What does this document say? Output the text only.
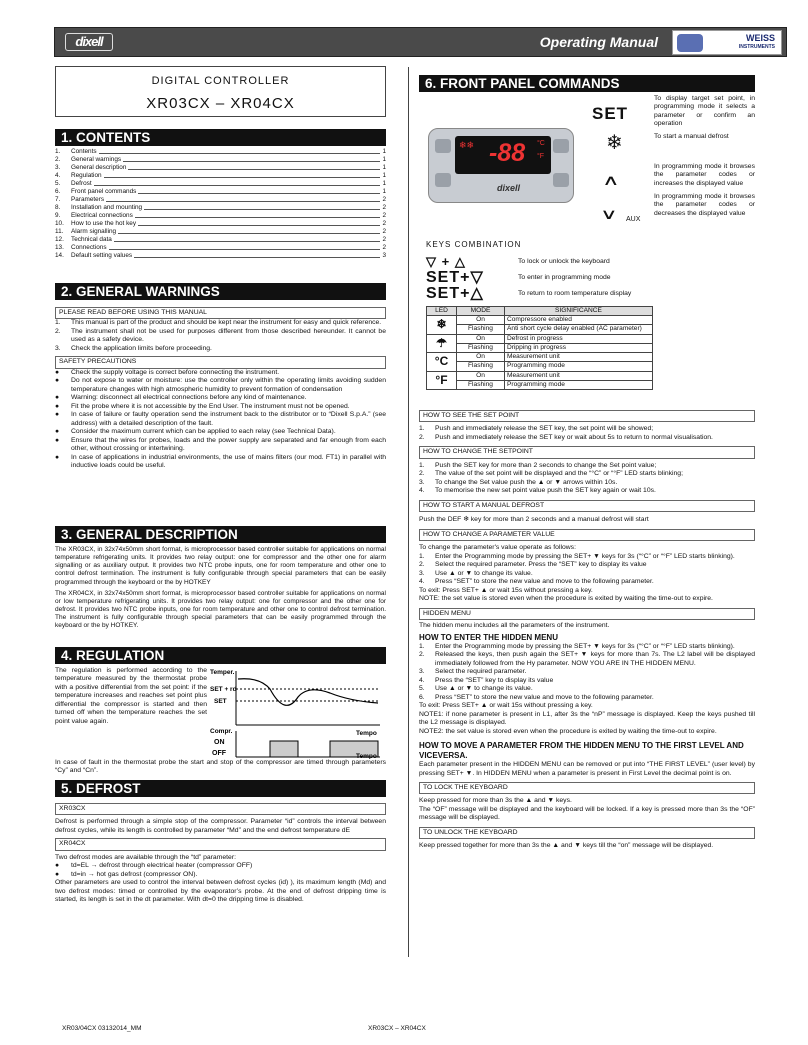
dixell	Operating Manual	WEISS
INSTRUMENTS
DIGITAL CONTROLLER
XR03CX – XR04CX
1. CONTENTS
1.	Contents	1
2.	General warnings	1
3.	General description	1
4.	Regulation	1
5.	Defrost	1
6.	Front panel commands	1
7.	Parameters	2
8.	Installation and mounting	2
9.	Electrical connections	2
10.	How to use the hot key	2
11.	Alarm signalling	2
12.	Technical data	2
13.	Connections	2
14.	Default setting values	3
2. GENERAL WARNINGS
PLEASE READ BEFORE USING THIS MANUAL
1.	This manual is part of the product and should be kept near the instrument for easy and quick reference.
2.	The instrument shall not be used for purposes different from those described hereunder. It cannot be used as a safety device.
3.	Check the application limits before proceeding.
SAFETY PRECAUTIONS
●	Check the supply voltage is correct before connecting the instrument.
●	Do not expose to water or moisture: use the controller only within the operating limits avoiding sudden temperature changes with high atmospheric humidity to prevent formation of condensation
●	Warning: disconnect all electrical connections before any kind of maintenance.
●	Fit the probe where it is not accessible by the End User. The instrument must not be opened.
●	In case of failure or faulty operation send the instrument back to the distributor or to “Dixell S.p.A.” (see address) with a detailed description of the fault.
●	Consider the maximum current which can be applied to each relay (see Technical Data).
●	Ensure that the wires for probes, loads and the power supply are separated and far enough from each other, without crossing or intertwining.
●	In case of applications in industrial environments, the use of mains filters (our mod. FT1) in parallel with inductive loads could be useful.
3. GENERAL DESCRIPTION
The XR03CX, in 32x74x50mm short format, is microprocessor based controller suitable for applications on normal temperature refrigerating units. It provides two relay output: one for compressor and the other one for alarm signalling or as auxiliary output. It provides two NTC probe inputs, one for room temperature and other one to control defrost termination. The instrument is fully configurable through special parameters that can be easily programmed through the keyboard or the by HOTKEY
The XR04CX, in 32x74x50mm short format, is microprocessor based controller suitable for applications on normal or low temperature refrigerating units. It provides two relay output: one for compressor and the other one for defrost. It provides two NTC probe inputs, one for room temperature and other one to control defrost termination. The instrument is fully configurable through special parameters that can be easily programmed through the keyboard or the by HOTKEY.
4. REGULATION
The regulation is performed according to the temperature measured by the thermostat probe with a positive differential from the set point: if the temperature increases and reaches set point plus differential the compressor is started and then turned off when the temperature reaches the set point value again.
Temper.
SET + rd
SET
Tempo
Compr.
ON
OFF	Tempo
In case of fault in the thermostat probe the start and stop of the compressor are timed through parameters “Cy” and “Cn”.
5. DEFROST
XR03CX
Defrost is performed through a simple stop of the compressor. Parameter “id” controls the interval between defrost cycles, while its length is controlled by parameter “Md” and the end defrost temperature dE
XR04CX
Two defrost modes are available through the “td” parameter:
●	td=EL → defrost through electrical heater (compressor OFF)
●	td=in → hot gas defrost (compressor ON).
Other parameters are used to control the interval between defrost cycles (id) ), its maximum length (Md) and two defrost modes: timed or controlled by the evaporator’s probe. At the end of defrost dripping time is started, its length is set in the dt parameter. With dt=0 the dripping time is disabled.
6. FRONT PANEL COMMANDS
❄❄ -88 °C
°F
dixell
SET
❄
∧
∨	AUX
To display target set point, in programming mode it selects a parameter or confirm an operation
To start a manual defrost
In programming mode it browses the parameter codes or increases the displayed value
In programming mode it browses the parameter codes or decreases the displayed value
KEYS COMBINATION
▽ + △	To lock or unlock the keyboard
SET+▽	To enter in programming mode
SET+△	To return to room temperature display
LED	MODE	SIGNIFICANCE
❄	On	Compressore enabled
	Flashing	Anti short cycle delay enabled (AC parameter)
☂	On	Defrost in progress
	Flashing	Dripping in progress
°C	On	Measurement unit
	Flashing	Programming mode
°F	On	Measurement unit
	Flashing	Programming mode
HOW TO SEE THE SET POINT
1.	Push and immediately release the SET key, the set point will be showed;
2.	Push and immediately release the SET key or wait about 5s to return to normal visualisation.
HOW TO CHANGE THE SETPOINT
1.	Push the SET key for more than 2 seconds to change the Set point value;
2.	The value of the set point will be displayed and the “°C” or “°F” LED starts blinking;
3.	To change the Set value push the ▲ or ▼ arrows within 10s.
4.	To memorise the new set point value push the SET key again or wait 10s.
HOW TO START A MANUAL DEFROST
Push the DEF ❄ key for more than 2 seconds and a manual defrost will start
HOW TO CHANGE A PARAMETER VALUE
To change the parameter's value operate as follows:
1.	Enter the Programming mode by pressing the SET+ ▼ keys for 3s (“°C” or “°F” LED starts blinking).
2.	Select the required parameter. Press the “SET” key to display its value
3.	Use ▲ or ▼ to change its value.
4.	Press “SET” to store the new value and move to the following parameter.
To exit: Press SET+ ▲ or wait 15s without pressing a key.
NOTE: the set value is stored even when the procedure is exited by waiting the time-out to expire.
HIDDEN MENU
The hidden menu includes all the parameters of the instrument.
HOW TO ENTER THE HIDDEN MENU
1.	Enter the Programming mode by pressing the SET+ ▼ keys for 3s (“°C” or “°F” LED starts blinking).
2.	Released the keys, then push again the SET+ ▼ keys for more than 7s. The L2 label will be displayed immediately followed from the Hy parameter. NOW YOU ARE IN THE HIDDEN MENU.
3.	Select the required parameter.
4.	Press the “SET” key to display its value
5.	Use ▲ or ▼ to change its value.
6.	Press “SET” to store the new value and move to the following parameter.
To exit: Press SET+ ▲ or wait 15s without pressing a key.
NOTE1: if none parameter is present in L1, after 3s the “nP” message is displayed. Keep the keys pushed till the L2 message is displayed.
NOTE2: the set value is stored even when the procedure is exited by waiting the time-out to expire.
HOW TO MOVE A PARAMETER FROM THE HIDDEN MENU TO THE FIRST LEVEL AND VICEVERSA.
Each parameter present in the HIDDEN MENU can be removed or put into “THE FIRST LEVEL” (user level) by pressing SET+ ▼. In HIDDEN MENU when a parameter is present in First Level the decimal point is on.
TO LOCK THE KEYBOARD
Keep pressed for more than 3s the ▲ and ▼ keys.
The “OF” message will be displayed and the keyboard will be locked. If a key is pressed more than 3s the “OF” message will be displayed.
TO UNLOCK THE KEYBOARD
Keep pressed together for more than 3s the ▲ and ▼ keys till the “on” message will be displayed.
XR03/04CX 03132014_MM	XR03CX – XR04CX
